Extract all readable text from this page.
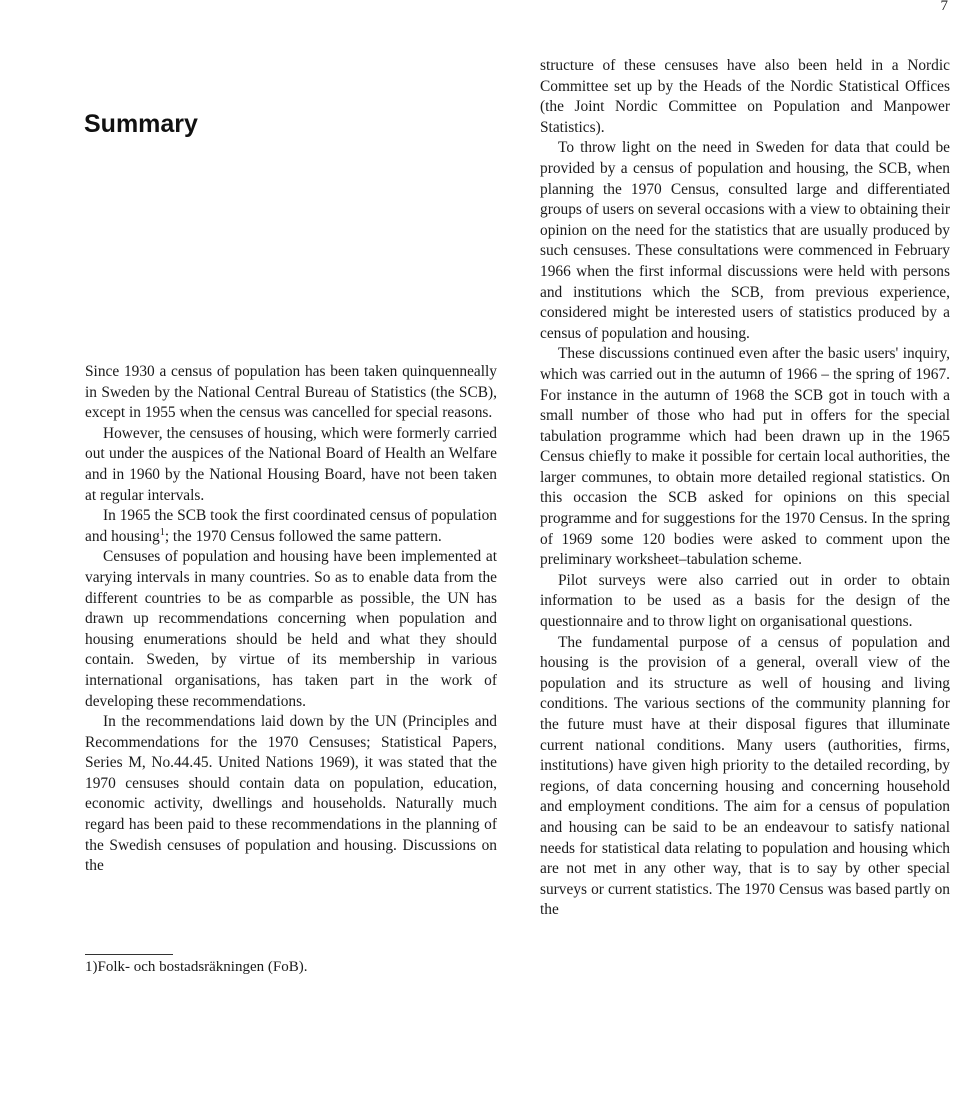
7
Summary

Since 1930 a census of population has been taken quinquenneally in Sweden by the National Central Bureau of Statistics (the SCB), except in 1955 when the census was cancelled for special reasons.

However, the censuses of housing, which were formerly carried out under the auspices of the National Board of Health an Welfare and in 1960 by the National Housing Board, have not been taken at regular intervals.

In 1965 the SCB took the first coordinated census of population and housing$^1$; the 1970 Census followed the same pattern.

Censuses of population and housing have been implemented at varying intervals in many countries. So as to enable data from the different countries to be as comparble as possible, the UN has drawn up recommendations concerning when population and housing enumerations should be held and what they should contain. Sweden, by virtue of its membership in various international organisations, has taken part in the work of developing these recommendations.

In the recommendations laid down by the UN (Principles and Recommendations for the 1970 Censuses; Statistical Papers, Series M, No.44.45. United Nations 1969), it was stated that the 1970 censuses should contain data on population, education, economic activity, dwellings and households. Naturally much regard has been paid to these recommendations in the planning of the Swedish censuses of population and housing. Discussions on the

1)Folk- och bostadsräkningen (FoB).

structure of these censuses have also been held in a Nordic Committee set up by the Heads of the Nordic Statistical Offices (the Joint Nordic Committee on Population and Manpower Statistics).

To throw light on the need in Sweden for data that could be provided by a census of population and housing, the SCB, when planning the 1970 Census, consulted large and differentiated groups of users on several occasions with a view to obtaining their opinion on the need for the statistics that are usually produced by such censuses. These consultations were commenced in February 1966 when the first informal discussions were held with persons and institutions which the SCB, from previous experience, considered might be interested users of statistics produced by a census of population and housing.

These discussions continued even after the basic users' inquiry, which was carried out in the autumn of 1966 – the spring of 1967. For instance in the autumn of 1968 the SCB got in touch with a small number of those who had put in offers for the special tabulation programme which had been drawn up in the 1965 Census chiefly to make it possible for certain local authorities, the larger communes, to obtain more detailed regional statistics. On this occasion the SCB asked for opinions on this special programme and for suggestions for the 1970 Census. In the spring of 1969 some 120 bodies were asked to comment upon the preliminary worksheet–tabulation scheme.

Pilot surveys were also carried out in order to obtain information to be used as a basis for the design of the questionnaire and to throw light on organisational questions.

The fundamental purpose of a census of population and housing is the provision of a general, overall view of the population and its structure as well of housing and living conditions. The various sections of the community planning for the future must have at their disposal figures that illuminate current national conditions. Many users (authorities, firms, institutions) have given high priority to the detailed recording, by regions, of data concerning housing and concerning household and employment conditions. The aim for a census of population and housing can be said to be an endeavour to satisfy national needs for statistical data relating to population and housing which are not met in any other way, that is to say by other special surveys or current statistics. The 1970 Census was based partly on the
